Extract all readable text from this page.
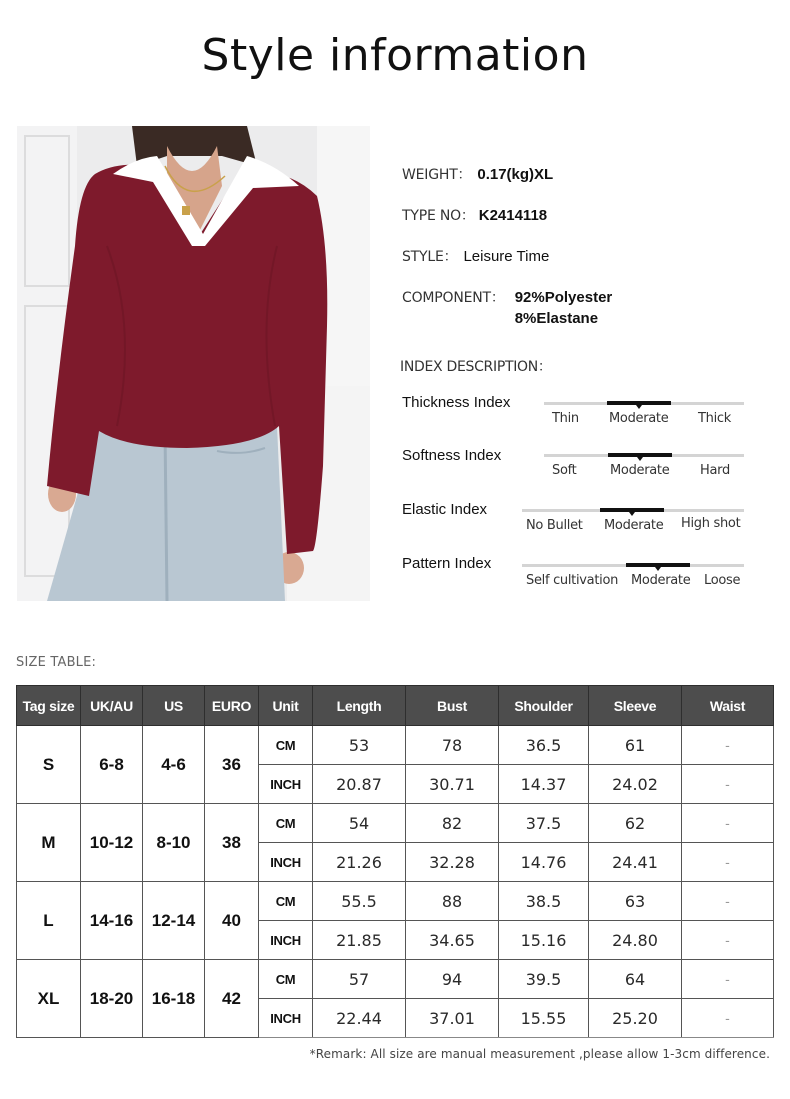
Style information
WEIGHT： 0.17(kg)XL
TYPE NO： K2414118
STYLE： Leisure Time
COMPONENT： 92%Polyester
8%Elastane
INDEX DESCRIPTION：
Thickness Index
Thin Moderate Thick
Softness Index
Soft	Moderate Hard
Elastic Index
No Bullet Moderate High shot
Pattern Index
Self cultivation Moderate Loose
SIZE TABLE:
Tag size	UK/AU	US	EURO	Unit	Length	Bust	Shoulder	Sleeve	Waist
S	6-8	4-6	36	CM	53	78	36.5	61	-
				INCH	20.87	30.71	14.37	24.02	-
M	10-12	8-10	38	CM	54	82	37.5	62	-
				INCH	21.26	32.28	14.76	24.41	-
L	14-16	12-14	40	CM	55.5	88	38.5	63	-
				INCH	21.85	34.65	15.16	24.80	-
XL	18-20	16-18	42	CM	57	94	39.5	64	-
				INCH	22.44	37.01	15.55	25.20	-
*Remark: All size are manual measurement ,please allow 1-3cm difference.
